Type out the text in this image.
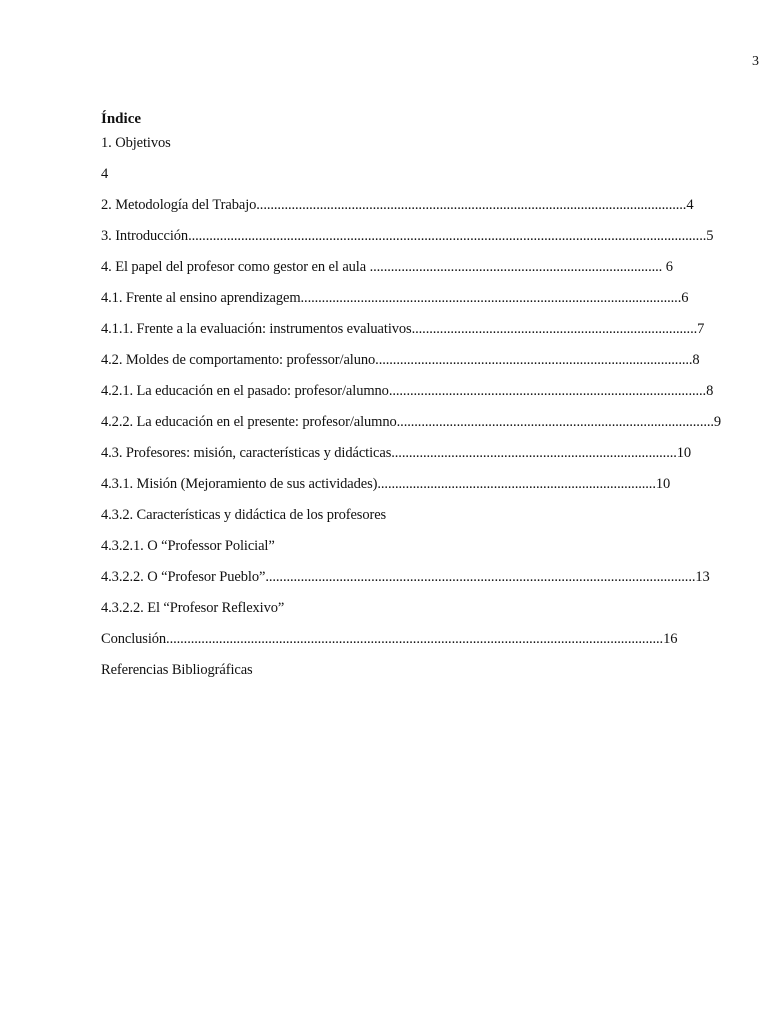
3
Índice
1. Objetivos
4
2. Metodología del Trabajo..........................................................................................................................4
3. Introducción...................................................................................................................................................5
4. El papel del profesor como gestor en el aula ................................................................................... 6
4.1. Frente al ensino aprendizagem............................................................................................................6
4.1.1. Frente a la evaluación: instrumentos evaluativos.................................................................................7
4.2. Moldes de comportamento: professor/aluno..........................................................................................8
4.2.1. La educación en el pasado: profesor/alumno..........................................................................................8
4.2.2. La educación en el presente: profesor/alumno..........................................................................................9
4.3. Profesores: misión, características y didácticas.................................................................................10
4.3.1. Misión (Mejoramiento de sus actividades)...............................................................................10
4.3.2. Características y didáctica de los profesores
4.3.2.1. O “Professor Policial”
4.3.2.2. O “Profesor Pueblo”..........................................................................................................................13
4.3.2.2. El “Profesor Reflexivo”
Conclusión.............................................................................................................................................16
Referencias Bibliográficas
